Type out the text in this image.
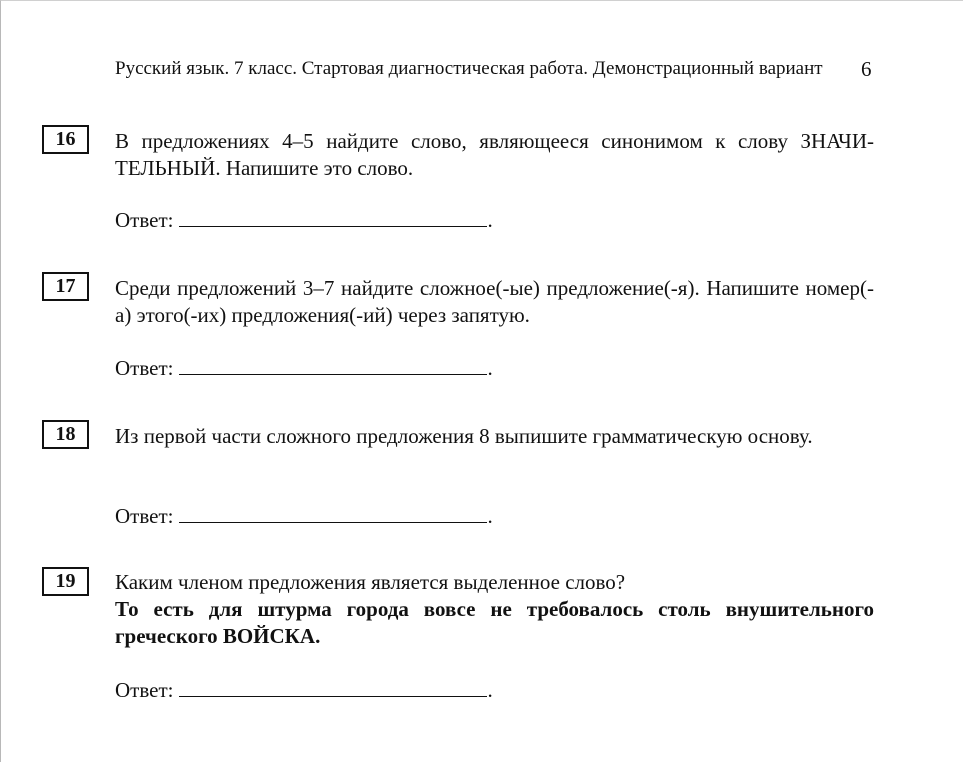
Русский язык. 7 класс. Стартовая диагностическая работа. Демонстрационный вариант	6
16	В предложениях 4–5 найдите слово, являющееся синонимом к слову ЗНАЧИ-ТЕЛЬНЫЙ. Напишите это слово.
Ответ:	.
17	Среди предложений 3–7 найдите сложное(-ые) предложение(-я). Напишите номер(-а) этого(-их) предложения(-ий) через запятую.
Ответ:	.
18	Из первой части сложного предложения 8 выпишите грамматическую основу.
Ответ:	.
19	Каким членом предложения является выделенное слово?
То есть для штурма города вовсе не требовалось столь внушительного греческого ВОЙСКА.
Ответ:	.
